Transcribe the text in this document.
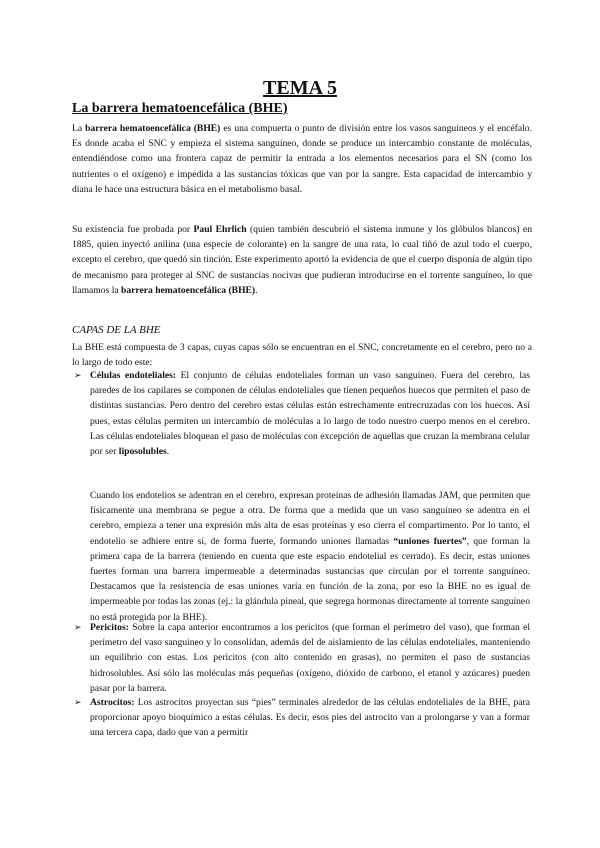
TEMA 5
La barrera hematoencefálica (BHE)

La barrera hematoencefálica (BHE) es una compuerta o punto de división entre los vasos sanguíneos y el encéfalo. Es donde acaba el SNC y empieza el sistema sanguíneo, donde se produce un intercambio constante de moléculas, entendiéndose como una frontera capaz de permitir la entrada a los elementos necesarios para el SN (como los nutrientes o el oxígeno) e impedida a las sustancias tóxicas que van por la sangre. Esta capacidad de intercambio y diana le hace una estructura básica en el metabolismo basal.

Su existencia fue probada por Paul Ehrlich (quien también descubrió el sistema inmune y los glóbulos blancos) en 1885, quien inyectó anilina (una especie de colorante) en la sangre de una rata, lo cual tiñó de azul todo el cuerpo, excepto el cerebro, que quedó sin tinción. Este experimento aportó la evidencia de que el cuerpo disponía de algún tipo de mecanismo para proteger al SNC de sustancias nocivas que pudieran introducirse en el torrente sanguíneo, lo que llamamos la barrera hematoencefálica (BHE).

CAPAS DE LA BHE

La BHE está compuesta de 3 capas, cuyas capas sólo se encuentran en el SNC, concretamente en el cerebro, pero no a lo largo de todo este:

➢ Células endoteliales: El conjunto de células endoteliales forman un vaso sanguíneo. Fuera del cerebro, las paredes de los capilares se componen de células endoteliales que tienen pequeños huecos que permiten el paso de distintas sustancias. Pero dentro del cerebro estas células están estrechamente entrecruzadas con los huecos. Así pues, estas células permiten un intercambio de moléculas a lo largo de todo nuestro cuerpo menos en el cerebro. Las células endoteliales bloquean el paso de moléculas con excepción de aquellas que cruzan la membrana celular por ser liposolubles.

Cuando los endotelios se adentran en el cerebro, expresan proteínas de adhesión llamadas JAM, que permiten que físicamente una membrana se pegue a otra. De forma que a medida que un vaso sanguíneo se adentra en el cerebro, empieza a tener una expresión más alta de esas proteínas y eso cierra el compartimento. Por lo tanto, el endotelio se adhiere entre sí, de forma fuerte, formando uniones llamadas “uniones fuertes”, que forman la primera capa de la barrera (teniendo en cuenta que este espacio endotelial es cerrado). Es decir, estas uniones fuertes forman una barrera impermeable a determinadas sustancias que circulan por el torrente sanguíneo. Destacamos que la resistencia de esas uniones varía en función de la zona, por eso la BHE no es igual de impermeable por todas las zonas (ej.: la glándula pineal, que segrega hormonas directamente al torrente sanguíneo no está protegida por la BHE).

➢ Pericitos: Sobre la capa anterior encontramos a los pericitos (que forman el perímetro del vaso), que forman el perímetro del vaso sanguíneo y lo consolidan, además del de aislamiento de las células endoteliales, manteniendo un equilibrio con estas. Los pericitos (con alto contenido en grasas), no permiten el paso de sustancias hidrosolubles. Así sólo las moléculas más pequeñas (oxígeno, dióxido de carbono, el etanol y azúcares) pueden pasar por la barrera.

➢ Astrocitos: Los astrocitos proyectan sus “pies” terminales alrededor de las células endoteliales de la BHE, para proporcionar apoyo bioquímico a estas células. Es decir, esos pies del astrocito van a prolongarse y van a formar una tercera capa, dado que van a permitir
